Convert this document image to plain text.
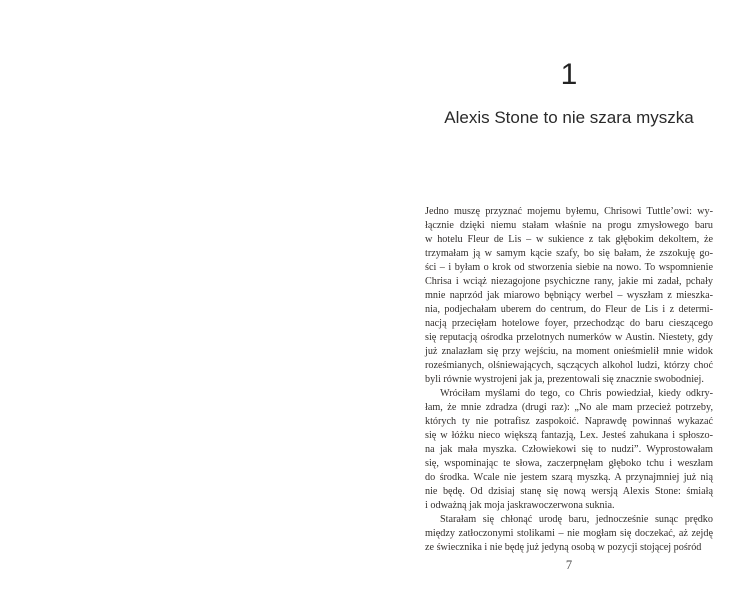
1
Alexis Stone to nie szara myszka
Jedno muszę przyznać mojemu byłemu, Chrisowi Tuttle’owi: wy-
łącznie dzięki niemu stałam właśnie na progu zmysłowego baru
w hotelu Fleur de Lis – w sukience z tak głębokim dekoltem, że
trzymałam ją w samym kącie szafy, bo się bałam, że zszokuję go-
ści – i byłam o krok od stworzenia siebie na nowo. To wspomnienie
Chrisa i wciąż niezagojone psychiczne rany, jakie mi zadał, pchały
mnie naprzód jak miarowo bębniący werbel – wyszłam z mieszka-
nia, podjechałam uberem do centrum, do Fleur de Lis i z determi-
nacją przecięłam hotelowe foyer, przechodząc do baru cieszącego
się reputacją ośrodka przelotnych numerków w Austin. Niestety, gdy
już znalazłam się przy wejściu, na moment onieśmielił mnie widok
roześmianych, olśniewających, sączących alkohol ludzi, którzy choć
byli równie wystrojeni jak ja, prezentowali się znacznie swobodniej.
Wróciłam myślami do tego, co Chris powiedział, kiedy odkry-
łam, że mnie zdradza (drugi raz): „No ale mam przecież potrzeby,
których ty nie potrafisz zaspokoić. Naprawdę powinnaś wykazać
się w łóżku nieco większą fantazją, Lex. Jesteś zahukana i spłoszo-
na jak mała myszka. Człowiekowi się to nudzi”. Wyprostowałam
się, wspominając te słowa, zaczerpnęłam głęboko tchu i weszłam
do środka. Wcale nie jestem szarą myszką. A przynajmniej już nią
nie będę. Od dzisiaj stanę się nową wersją Alexis Stone: śmiałą
i odważną jak moja jaskrawoczerwona suknia.
Starałam się chłonąć urodę baru, jednocześnie sunąc prędko
między zatłoczonymi stolikami – nie mogłam się doczekać, aż zejdę
ze świecznika i nie będę już jedyną osobą w pozycji stojącej pośród
7
